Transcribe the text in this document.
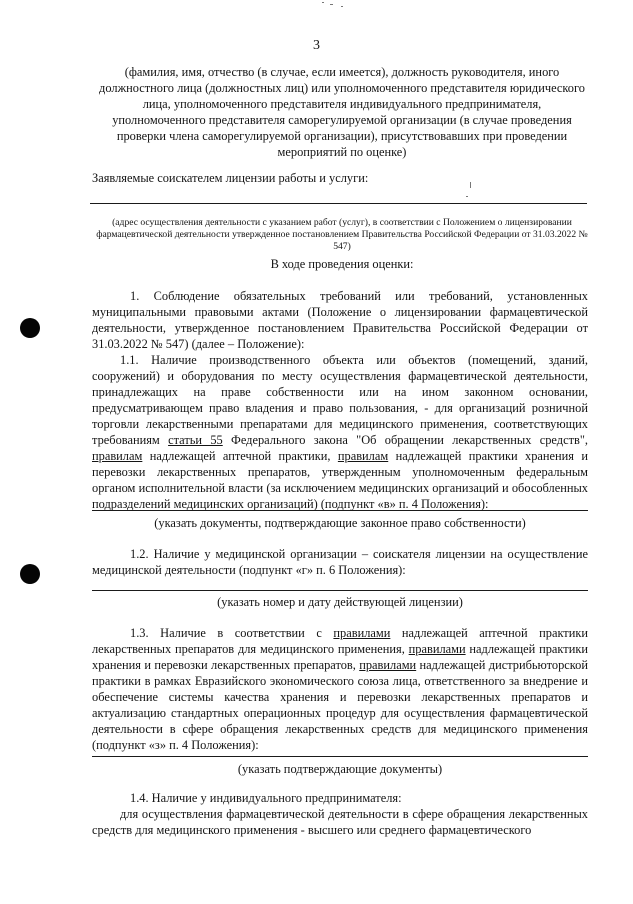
3

(фамилия, имя, отчество (в случае, если имеется), должность руководителя, иного должностного лица (должностных лиц) или уполномоченного представителя юридического лица, уполномоченного представителя индивидуального предпринимателя, уполномоченного представителя саморегулируемой организации (в случае проведения проверки члена саморегулируемой организации), присутствовавших при проведении мероприятий по оценке)

Заявляемые соискателем лицензии работы и услуги:

(адрес осуществления деятельности с указанием работ (услуг), в соответствии с Положением о лицензировании фармацевтической деятельности утвержденное постановлением Правительства Российской Федерации от 31.03.2022 № 547)

В ходе проведения оценки:

1. Соблюдение обязательных требований или требований, установленных муниципальными правовыми актами (Положение о лицензировании фармацевтической деятельности, утвержденное постановлением Правительства Российской Федерации от 31.03.2022 № 547) (далее – Положение):

1.1. Наличие производственного объекта или объектов (помещений, зданий, сооружений) и оборудования по месту осуществления фармацевтической деятельности, принадлежащих на праве собственности или на ином законном основании, предусматривающем право владения и право пользования, - для организаций розничной торговли лекарственными препаратами для медицинского применения, соответствующих требованиям статьи 55 Федерального закона "Об обращении лекарственных средств", правилам надлежащей аптечной практики, правилам надлежащей практики хранения и перевозки лекарственных препаратов, утвержденным уполномоченным федеральным органом исполнительной власти (за исключением медицинских организаций и обособленных подразделений медицинских организаций) (подпункт «в» п. 4 Положения):

(указать документы, подтверждающие законное право собственности)

1.2. Наличие у медицинской организации – соискателя лицензии на осуществление медицинской деятельности (подпункт «г» п. 6 Положения):

(указать номер и дату действующей лицензии)

1.3. Наличие в соответствии с правилами надлежащей аптечной практики лекарственных препаратов для медицинского применения, правилами надлежащей практики хранения и перевозки лекарственных препаратов, правилами надлежащей дистрибьюторской практики в рамках Евразийского экономического союза лица, ответственного за внедрение и обеспечение системы качества хранения и перевозки лекарственных препаратов и актуализацию стандартных операционных процедур для осуществления фармацевтической деятельности в сфере обращения лекарственных средств для медицинского применения (подпункт «з» п. 4 Положения):

(указать подтверждающие документы)

1.4. Наличие у индивидуального предпринимателя:

для осуществления фармацевтической деятельности в сфере обращения лекарственных средств для медицинского применения - высшего или среднего фармацевтического
